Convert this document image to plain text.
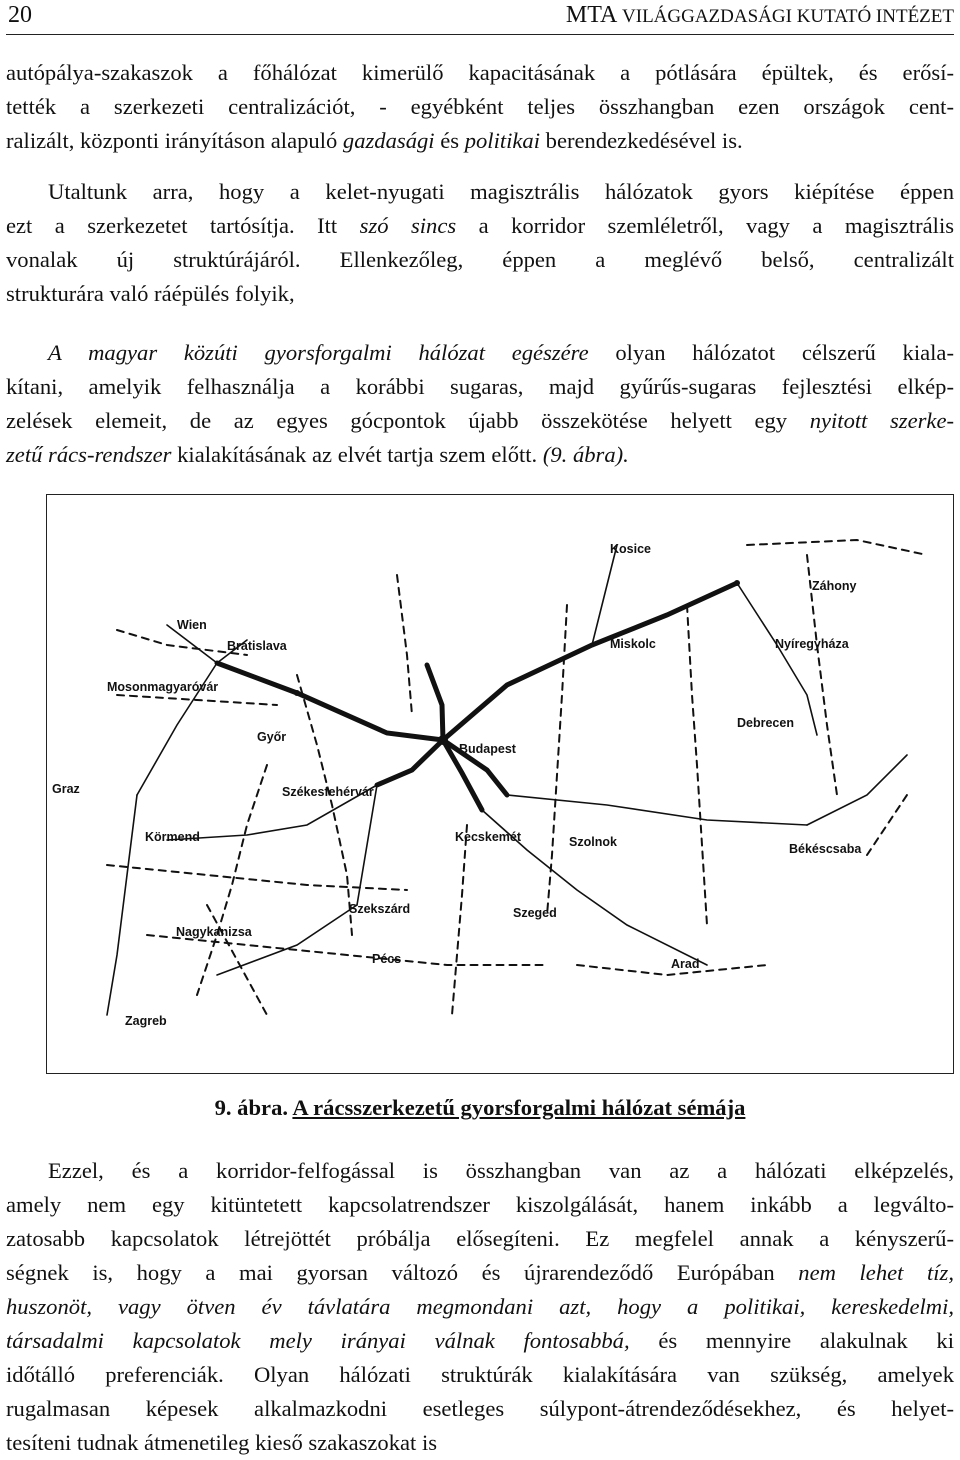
20	MTA VILÁGGAZDASÁGI KUTATÓ INTÉZET
autópálya-szakaszok a főhálózat kimerülő kapacitásának a pótlására épültek, és erősí-
tették a szerkezeti centralizációt, - egyébként teljes összhangban ezen országok cent-
ralizált, központi irányításon alapuló gazdasági és politikai berendezkedésével is.
Utaltunk arra, hogy a kelet-nyugati magisztrális hálózatok gyors kiépítése éppen
ezt a szerkezetet tartósítja. Itt szó sincs a korridor szemléletről, vagy a magisztrális
vonalak új struktúrájáról. Ellenkezőleg, éppen a meglévő belső, centralizált
strukturára való ráépülés folyik,
A magyar közúti gyorsforgalmi hálózat egészére olyan hálózatot célszerű kiala-
kítani, amelyik felhasználja a korábbi sugaras, majd gyűrűs-sugaras fejlesztési elkép-
zelések elemeit, de az egyes gócpontok újabb összekötése helyett egy nyitott szerke-
zetű rács-rendszer kialakításának az elvét tartja szem előtt. (9. ábra).
Kosice
Záhony
Wien
Bratislava	Miskolc	Nyíregyháza
Mosonmagyaróvár
Győr
Budapest
Debrecen
Graz	Székesfehérvár
Körmend	Kecskemét	Szolnok	Békéscsaba
Szekszárd	Szeged
Nagykanizsa
Pécs	Arad
Zagreb
9. ábra. A rácsszerkezetű gyorsforgalmi hálózat sémája
Ezzel, és a korridor-felfogással is összhangban van az a hálózati elképzelés,
amely nem egy kitüntetett kapcsolatrendszer kiszolgálását, hanem inkább a legválto-
zatosabb kapcsolatok létrejöttét próbálja elősegíteni. Ez megfelel annak a kényszerű-
ségnek is, hogy a mai gyorsan változó és újrarendeződő Európában nem lehet tíz,
huszonöt, vagy ötven év távlatára megmondani azt, hogy a politikai, kereskedelmi,
társadalmi kapcsolatok mely irányai válnak fontosabbá, és mennyire alakulnak ki
időtálló preferenciák. Olyan hálózati struktúrák kialakítására van szükség, amelyek
rugalmasan képesek alkalmazkodni esetleges súlypont-átrendeződésekhez, és helyet-
tesíteni tudnak átmenetileg kieső szakaszokat is
